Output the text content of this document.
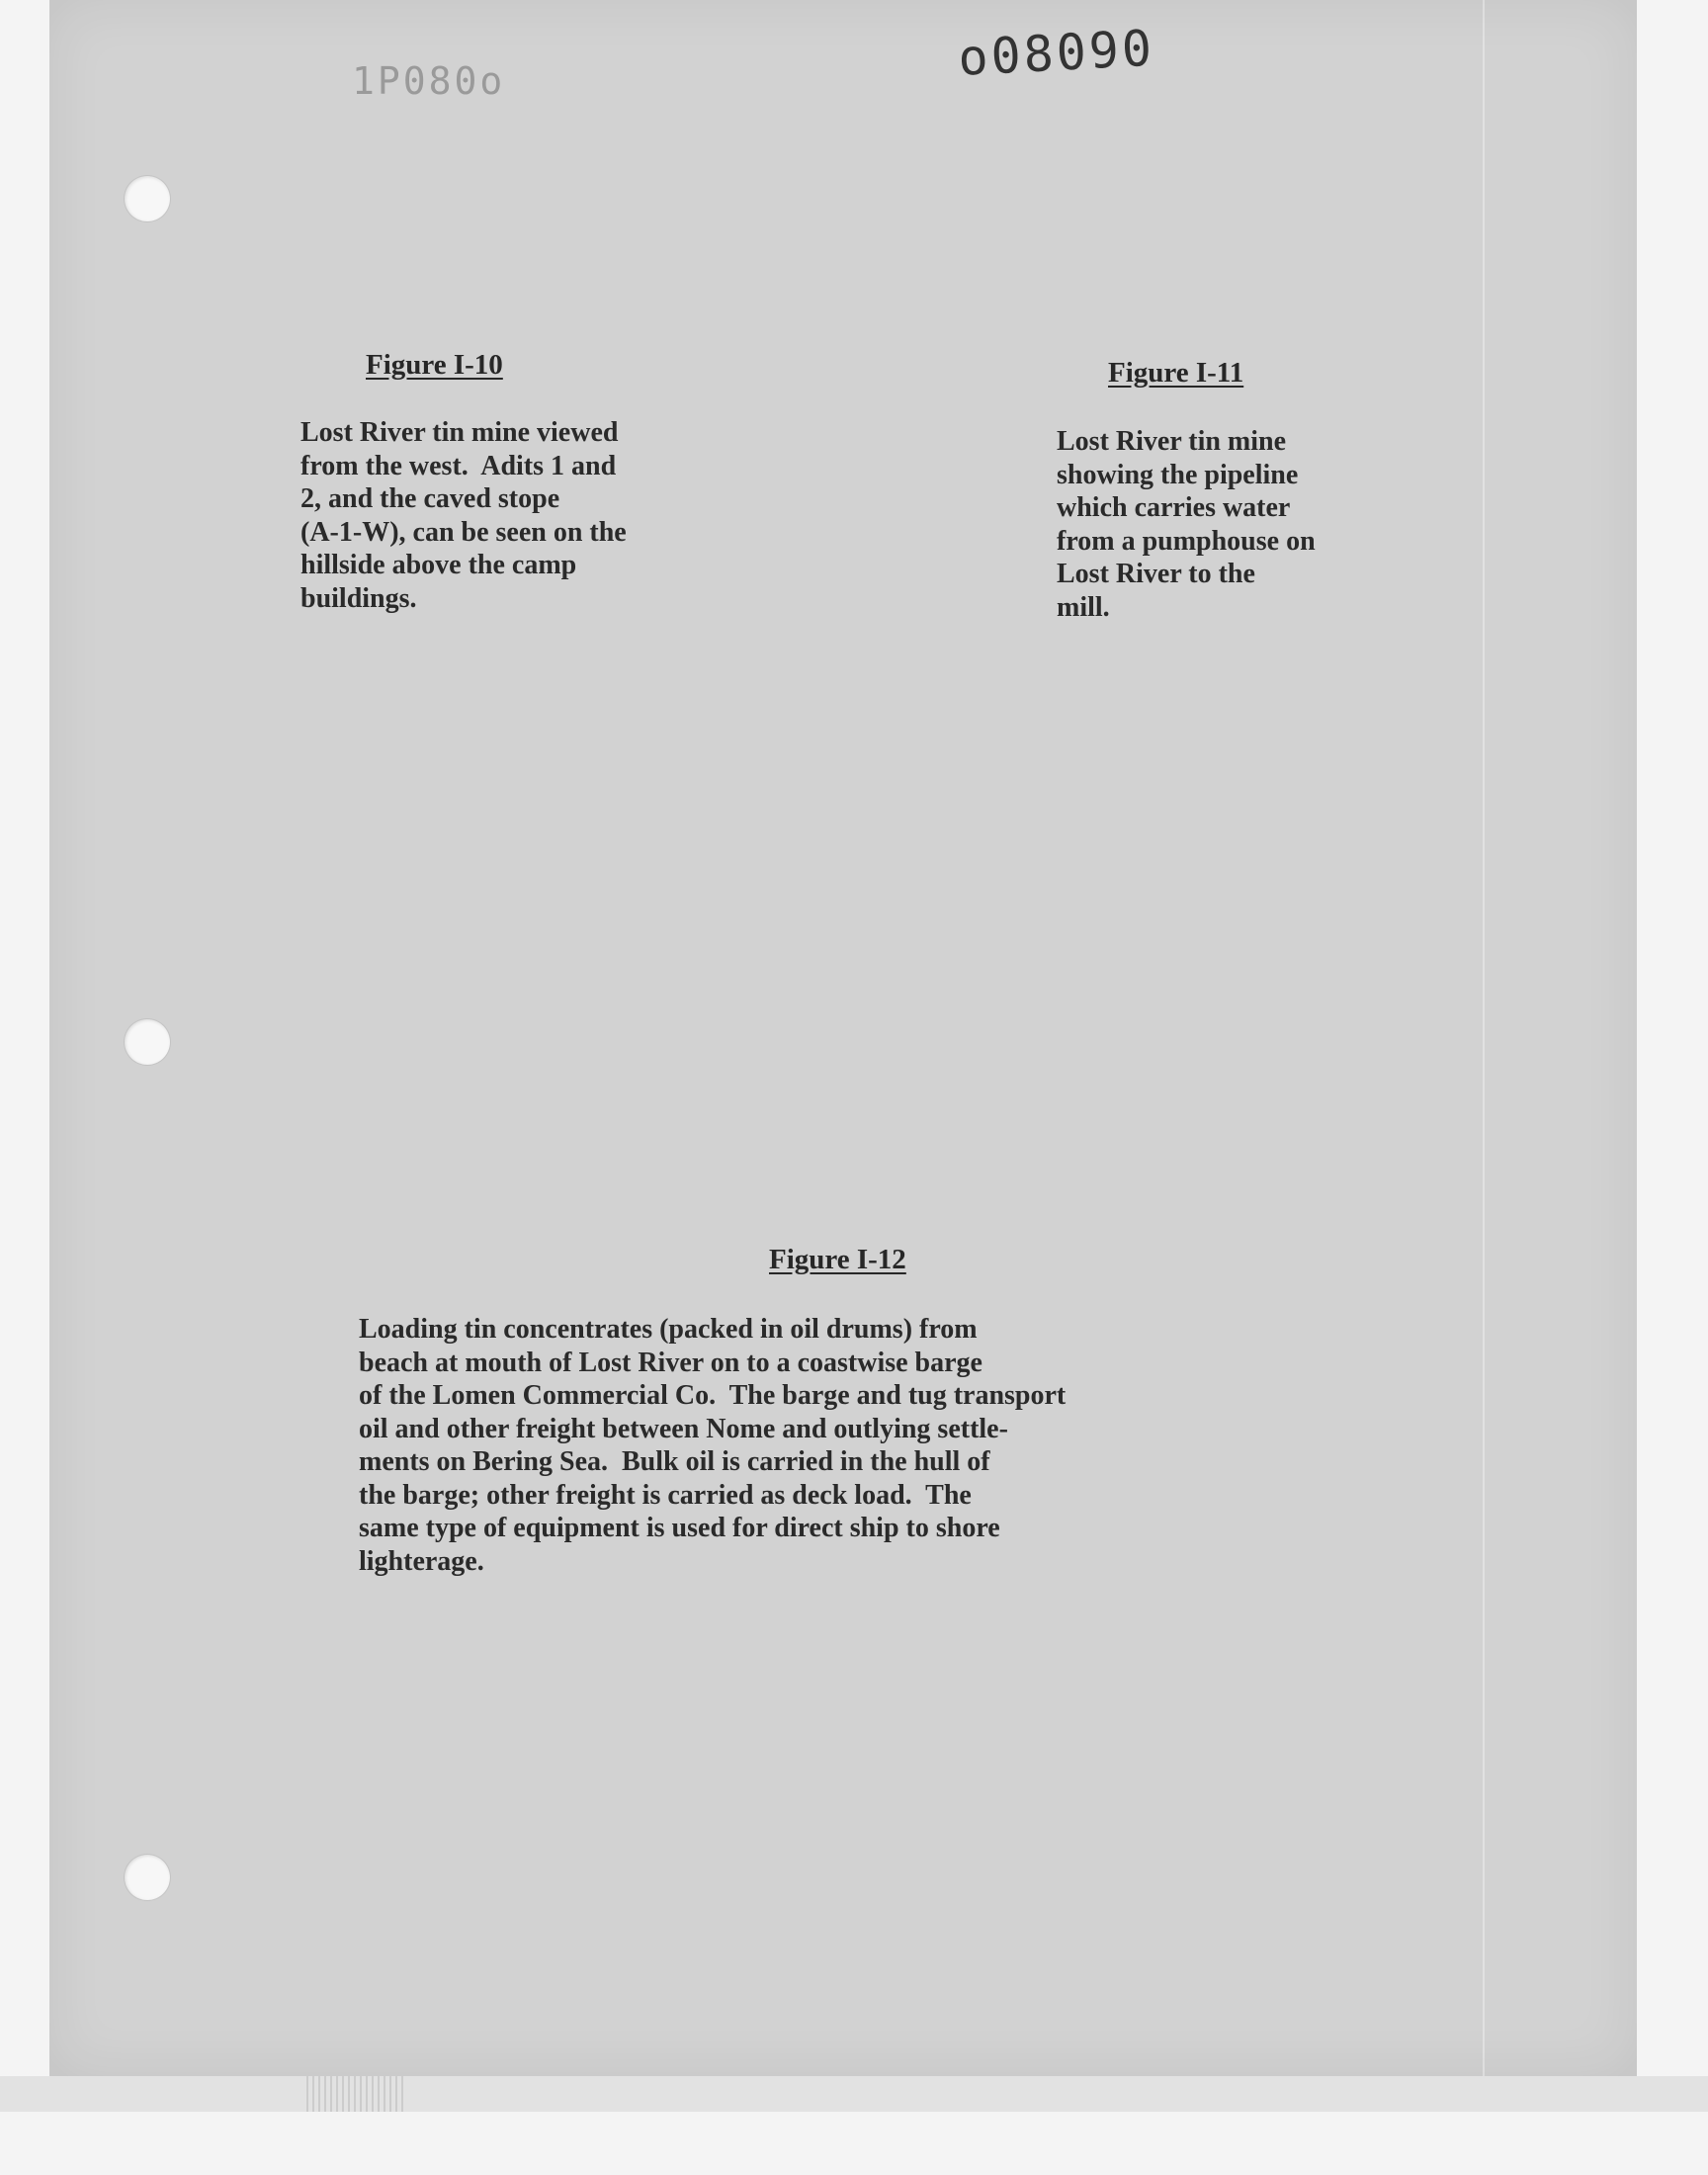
1P080o	o08090
Figure I-10
Lost River tin mine viewed
from the west.  Adits 1 and
2, and the caved stope
(A-1-W), can be seen on the
hillside above the camp
buildings.
Figure I-11
Lost River tin mine
showing the pipeline
which carries water
from a pumphouse on
Lost River to the
mill.
Figure I-12
Loading tin concentrates (packed in oil drums) from
beach at mouth of Lost River on to a coastwise barge
of the Lomen Commercial Co.  The barge and tug transport
oil and other freight between Nome and outlying settle-
ments on Bering Sea.  Bulk oil is carried in the hull of
the barge; other freight is carried as deck load.  The
same type of equipment is used for direct ship to shore
lighterage.
